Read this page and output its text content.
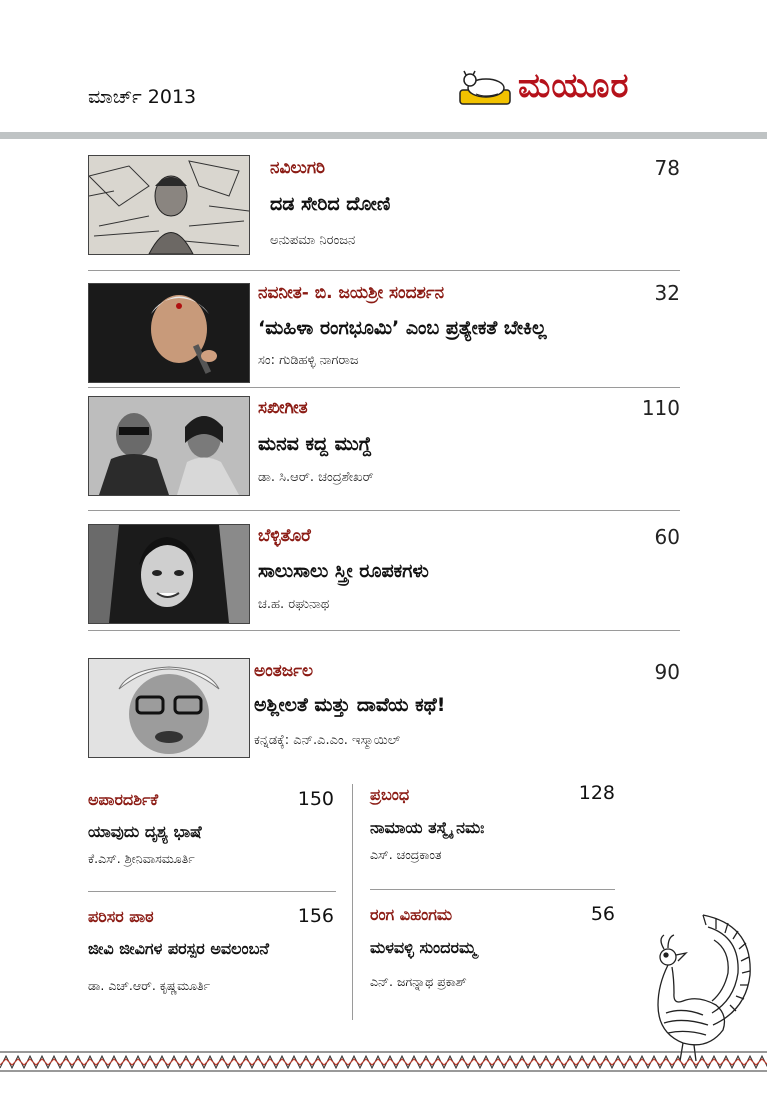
ಮಾರ್ಚ್ 2013	ಮಯೂರ
ನವಿಲುಗರಿ	78
ದಡ ಸೇರಿದ ದೋಣಿ
ಅನುಪಮಾ ನಿರಂಜನ
ನವನೀತ- ಬಿ. ಜಯಶ್ರೀ ಸಂದರ್ಶನ	32
‘ಮಹಿಳಾ ರಂಗಭೂಮಿ’ ಎಂಬ ಪ್ರತ್ಯೇಕತೆ ಬೇಕಿಲ್ಲ
ಸಂ: ಗುಡಿಹಳ್ಳಿ ನಾಗರಾಜ
ಸಖೀಗೀತ	110
ಮನವ ಕದ್ದ ಮುಗ್ದೆ
ಡಾ. ಸಿ.ಆರ್. ಚಂದ್ರಶೇಖರ್
ಬೆಳ್ಳಿತೊರೆ	60
ಸಾಲುಸಾಲು ಸ್ತ್ರೀ ರೂಪಕಗಳು
ಚ.ಹ. ರಘುನಾಥ
ಅಂತರ್ಜಲ	90
ಅಶ್ಲೀಲತೆ ಮತ್ತು ದಾವೆಯ ಕಥೆ!
ಕನ್ನಡಕ್ಕೆ: ಎನ್.ಎ.ಎಂ. ಇಸ್ಮಾಯಿಲ್
ಅಪಾರದರ್ಶಿಕೆ	150
ಯಾವುದು ದೃಶ್ಯ ಭಾಷೆ
ಕೆ.ಎಸ್. ಶ್ರೀನಿವಾಸಮೂರ್ತಿ
ಪರಿಸರ ಪಾಠ	156
ಜೀವಿ ಜೀವಿಗಳ ಪರಸ್ಪರ ಅವಲಂಬನೆ
ಡಾ. ಎಚ್.ಆರ್. ಕೃಷ್ಣಮೂರ್ತಿ
ಪ್ರಬಂಧ	128
ನಾಮಾಯ ತಸ್ಮೈ ನಮಃ
ಎಸ್. ಚಂದ್ರಕಾಂತ
ರಂಗ ವಿಹಂಗಮ	56
ಮಳವಳ್ಳಿ ಸುಂದರಮ್ಮ
ಎನ್. ಜಗನ್ನಾಥ ಪ್ರಕಾಶ್
